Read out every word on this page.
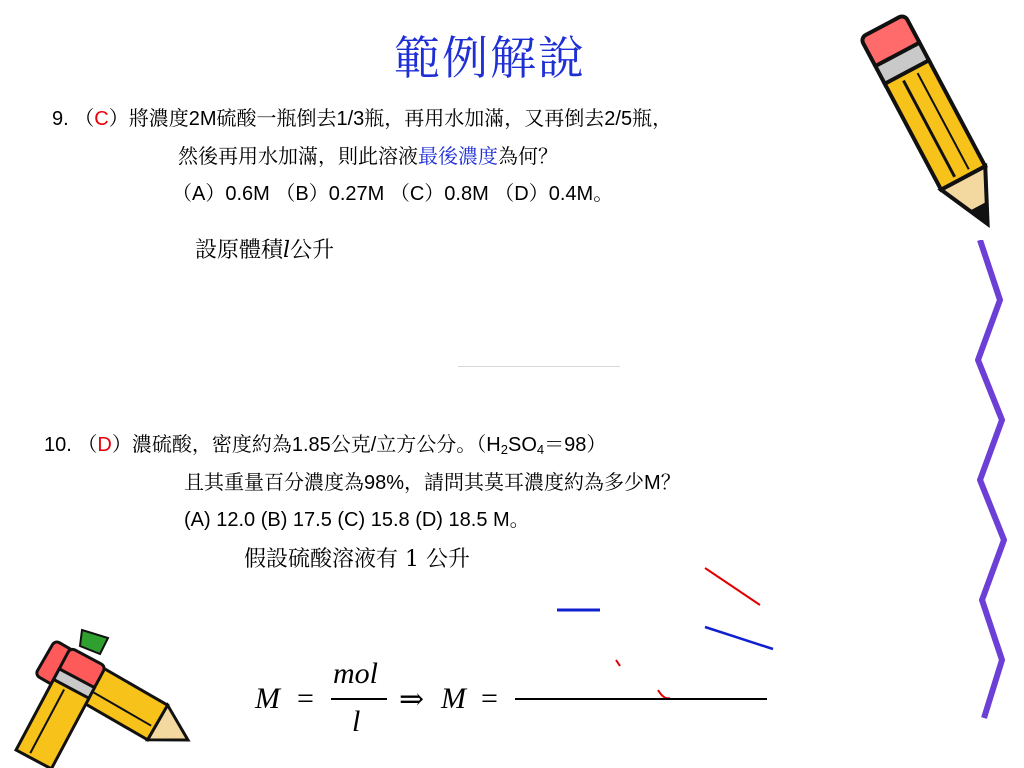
範例解說
9. （C）將濃度2M硫酸一瓶倒去1/3瓶，再用水加滿，又再倒去2/5瓶，
然後再用水加滿，則此溶液最後濃度為何？
（A）0.6M （B）0.27M （C）0.8M （D）0.4M。
設原體積l公升
10. （D）濃硫酸，密度約為1.85公克/立方公分。$(H_2SO_4=98)$
且其重量百分濃度為98%，請問其莫耳濃度約為多少M？
(A) 12.0 (B) 17.5 (C) 15.8 (D) 18.5 M。
假設硫酸溶液有 1 公升
M =
mol
l
⇒ M =
